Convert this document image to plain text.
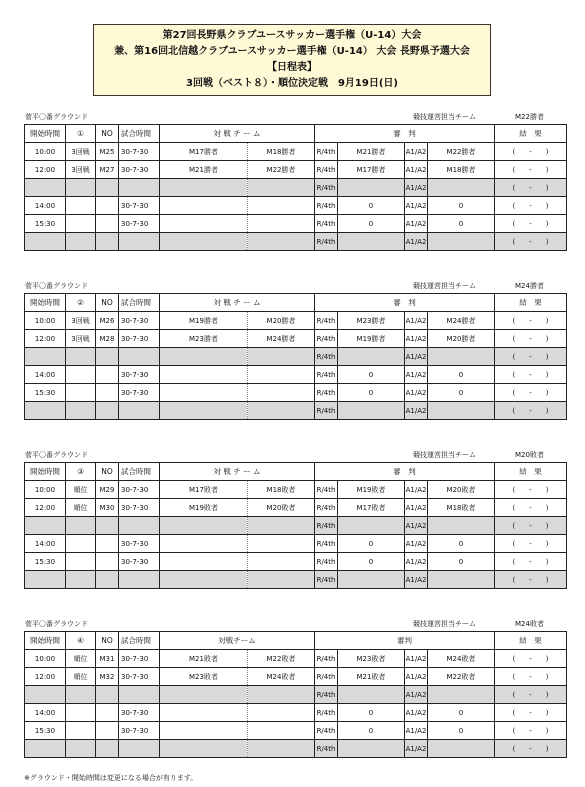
第27回長野県クラブユースサッカー選手権（U-14）大会
兼、第16回北信越クラブユースサッカー選手権（U-14） 大会 長野県予選大会
【日程表】
3回戦（ベスト８）・順位決定戦　9月19日(日)
菅平〇番グラウンド	競技運営担当チーム	M22勝者
開始時間	①	NO	試合時間	対 戦 チ ー ム		審　判				結　果
10:00	3回戦	M25	30-7-30	M17勝者	M18勝者	R/4th	M21勝者	A1/A2	M22勝者	(　　-　　)
12:00	3回戦	M27	30-7-30	M21勝者	M22勝者	R/4th	M17勝者	A1/A2	M18勝者	(　　-　　)
						R/4th		A1/A2		(　　-　　)
14:00			30-7-30			R/4th	0	A1/A2	0	(　　-　　)
15:30			30-7-30			R/4th	0	A1/A2	0	(　　-　　)
						R/4th		A1/A2		(　　-　　)
菅平〇番グラウンド	競技運営担当チーム	M24勝者
開始時間	②	NO	試合時間	対 戦 チ ー ム		審　判				結　果
10:00	3回戦	M26	30-7-30	M19勝者	M20勝者	R/4th	M23勝者	A1/A2	M24勝者	(　　-　　)
12:00	3回戦	M28	30-7-30	M23勝者	M24勝者	R/4th	M19勝者	A1/A2	M20勝者	(　　-　　)
						R/4th		A1/A2		(　　-　　)
14:00			30-7-30			R/4th	0	A1/A2	0	(　　-　　)
15:30			30-7-30			R/4th	0	A1/A2	0	(　　-　　)
						R/4th		A1/A2		(　　-　　)
菅平〇番グラウンド	競技運営担当チーム	M20敗者
開始時間	③	NO	試合時間	対 戦 チ ー ム		審　判				結　果
10:00	順位	M29	30-7-30	M17敗者	M18敗者	R/4th	M19敗者	A1/A2	M20敗者	(　　-　　)
12:00	順位	M30	30-7-30	M19敗者	M20敗者	R/4th	M17敗者	A1/A2	M18敗者	(　　-　　)
						R/4th		A1/A2		(　　-　　)
14:00			30-7-30			R/4th	0	A1/A2	0	(　　-　　)
15:30			30-7-30			R/4th	0	A1/A2	0	(　　-　　)
						R/4th		A1/A2		(　　-　　)
菅平〇番グラウンド	競技運営担当チーム	M24敗者
開始時間	④	NO	試合時間	対戦チーム		審判				結　果
10:00	順位	M31	30-7-30	M21敗者	M22敗者	R/4th	M23敗者	A1/A2	M24敗者	(　　-　　)
12:00	順位	M32	30-7-30	M23敗者	M24敗者	R/4th	M21敗者	A1/A2	M22敗者	(　　-　　)
						R/4th		A1/A2		(　　-　　)
14:00			30-7-30			R/4th	0	A1/A2	0	(　　-　　)
15:30			30-7-30			R/4th	0	A1/A2	0	(　　-　　)
						R/4th		A1/A2		(　　-　　)
※グラウンド・開始時間は変更になる場合が有ります。
